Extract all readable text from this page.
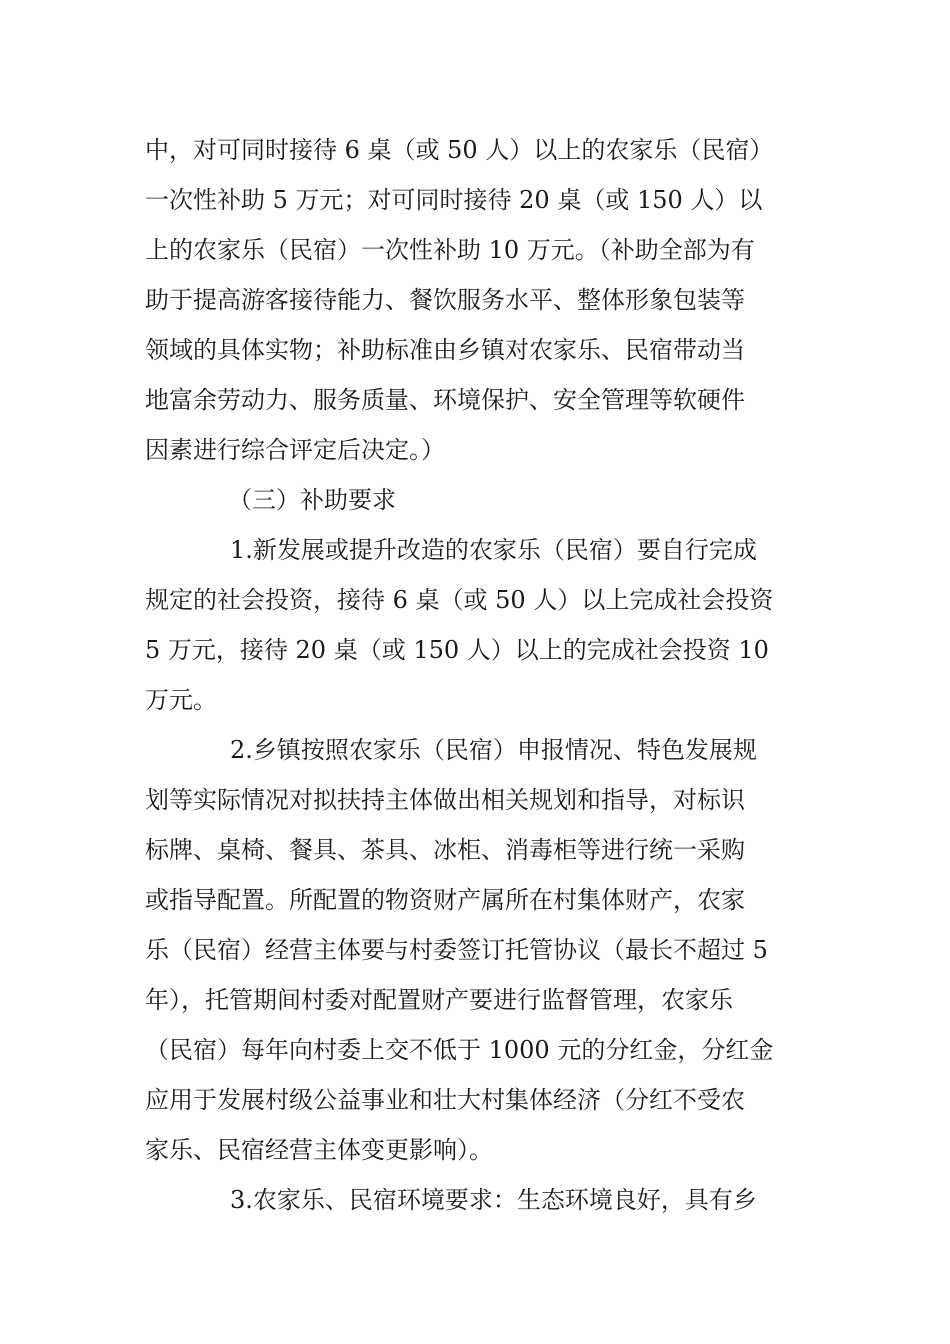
中，对可同时接待 6 桌（或 50 人）以上的农家乐（民宿）
一次性补助 5 万元；对可同时接待 20 桌（或 150 人）以
上的农家乐（民宿）一次性补助 10 万元。（补助全部为有
助于提高游客接待能力、餐饮服务水平、整体形象包装等
领域的具体实物；补助标准由乡镇对农家乐、民宿带动当
地富余劳动力、服务质量、环境保护、安全管理等软硬件
因素进行综合评定后决定。）
（三）补助要求
1.新发展或提升改造的农家乐（民宿）要自行完成
规定的社会投资，接待 6 桌（或 50 人）以上完成社会投资
5 万元，接待 20 桌（或 150 人）以上的完成社会投资 10
万元。
2.乡镇按照农家乐（民宿）申报情况、特色发展规
划等实际情况对拟扶持主体做出相关规划和指导，对标识
标牌、桌椅、餐具、茶具、冰柜、消毒柜等进行统一采购
或指导配置。所配置的物资财产属所在村集体财产，农家
乐（民宿）经营主体要与村委签订托管协议（最长不超过 5
年），托管期间村委对配置财产要进行监督管理，农家乐
（民宿）每年向村委上交不低于 1000 元的分红金，分红金
应用于发展村级公益事业和壮大村集体经济（分红不受农
家乐、民宿经营主体变更影响）。
3.农家乐、民宿环境要求：生态环境良好，具有乡
